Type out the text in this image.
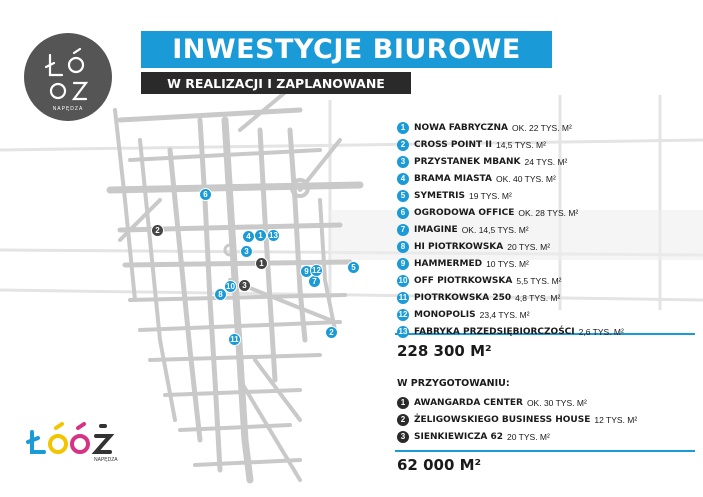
NAPĘDZA
INWESTYCJE BIUROWE
W REALIZACJI I ZAPLANOWANE
1 NOWA FABRYCZNA OK. 22 TYS. M²
2 CROSS POINT II 14,5 TYS. M²
3 PRZYSTANEK MBANK 24 TYS. M²
4 BRAMA MIASTA OK. 40 TYS. M²
5 SYMETRIS 19 TYS. M²
6 OGRODOWA OFFICE OK. 28 TYS. M²
7 IMAGINE OK. 14,5 TYS. M²
8 HI PIOTRKOWSKA 20 TYS. M²
9 HAMMERMED 10 TYS. M²
10 OFF PIOTRKOWSKA 5,5 TYS. M²
11 PIOTRKOWSKA 250 4,8 TYS. M²
12 MONOPOLIS 23,4 TYS. M²
13 FABRYKA PRZEDSIĘBIORCZOŚCI 2,6 TYS. M²
228 300 M²
W PRZYGOTOWANIU:
1 AWANGARDA CENTER OK. 30 TYS. M²
2 ŻELIGOWSKIEGO BUSINESS HOUSE 12 TYS. M²
3 SIENKIEWICZA 62 20 TYS. M²
62 000 M²
1
2
3
4
5
6
7
8
9
10
11
12
13
1
2
3
NAPĘDZA
